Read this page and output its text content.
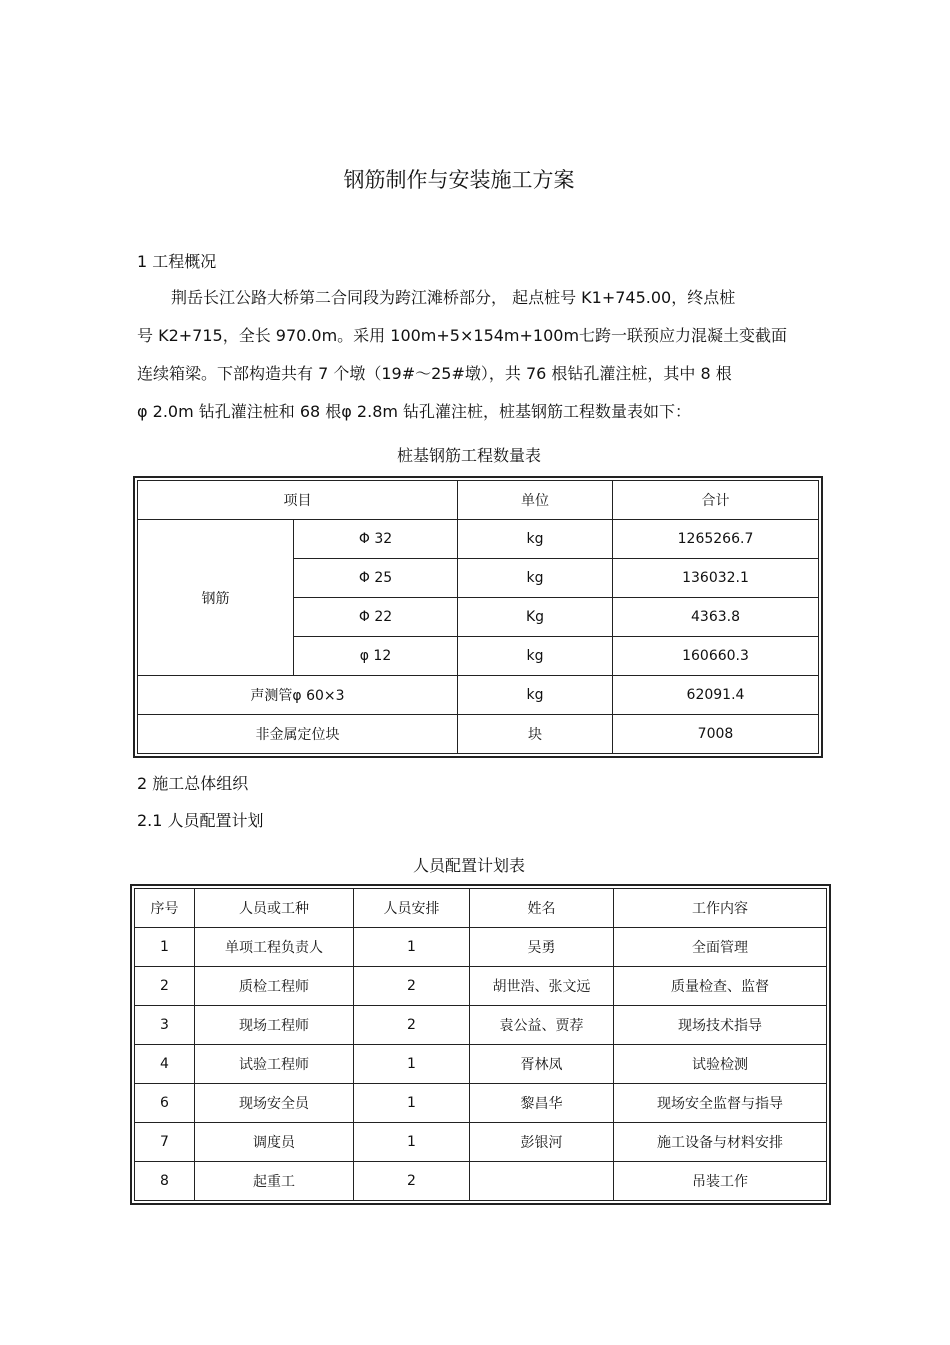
钢筋制作与安装施工方案
1 工程概况
荆岳长江公路大桥第二合同段为跨江滩桥部分， 起点桩号 K1+745.00，终点桩
号 K2+715，全长 970.0m。采用 100m+5×154m+100m七跨一联预应力混凝土变截面
连续箱梁。下部构造共有 7 个墩（19#～25#墩），共 76 根钻孔灌注桩，其中 8 根
φ 2.0m 钻孔灌注桩和 68 根φ 2.8m 钻孔灌注桩，桩基钢筋工程数量表如下：
桩基钢筋工程数量表
项目		单位	合计
钢筋	Φ 32	kg	1265266.7
	Φ 25	kg	136032.1
	Φ 22	Kg	4363.8
	φ 12	kg	160660.3
声测管φ 60×3		kg	62091.4
非金属定位块		块	7008
2 施工总体组织
2.1 人员配置计划
人员配置计划表
序号	人员或工种	人员安排	姓名	工作内容
1	单项工程负责人	1	吴勇	全面管理
2	质检工程师	2	胡世浩、张文远	质量检查、监督
3	现场工程师	2	袁公益、贾荐	现场技术指导
4	试验工程师	1	胥林凤	试验检测
6	现场安全员	1	黎昌华	现场安全监督与指导
7	调度员	1	彭银河	施工设备与材料安排
8	起重工	2		吊装工作
